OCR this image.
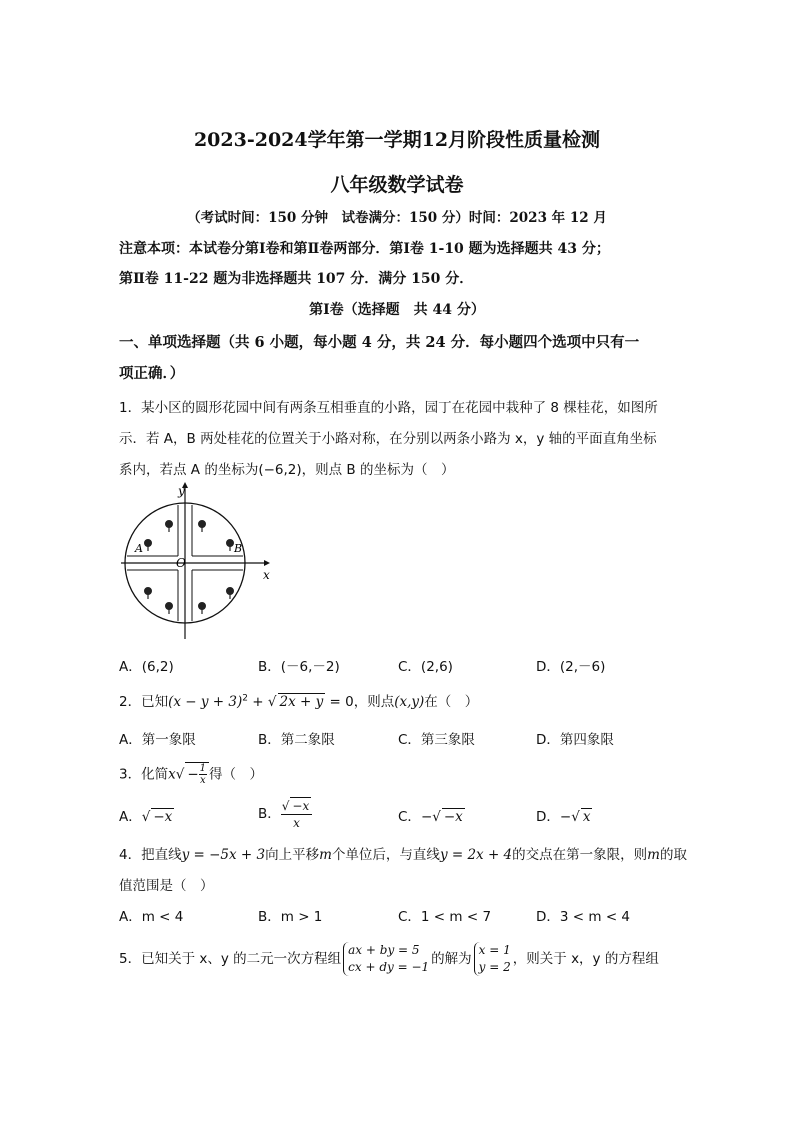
2023-2024学年第一学期12月阶段性质量检测
八年级数学试卷
（考试时间：150 分钟　试卷满分：150 分）时间：2023 年 12 月
注意本项：本试卷分第Ⅰ卷和第Ⅱ卷两部分．第Ⅰ卷 1-10 题为选择题共 43 分；
第Ⅱ卷 11-22 题为非选择题共 107 分．满分 150 分．
第Ⅰ卷（选择题　共 44 分）
一、单项选择题（共 6 小题，每小题 4 分，共 24 分．每小题四个选项中只有一
项正确．）
1．某小区的圆形花园中间有两条互相垂直的小路，园丁在花园中栽种了 8 棵桂花，如图所
示．若 A，B 两处桂花的位置关于小路对称，在分别以两条小路为 x，y 轴的平面直角坐标
系内，若点 A 的坐标为(−6,2)，则点 B 的坐标为（　）
y
x
O
A	B
A．(6,2)	B．(－6,－2)	C．(2,6)	D．(2,－6)
2．已知$(x - y + 3)^2$ + √ 2x + y = 0，则点(x,y)在（　）
A．第一象限	B．第二象限	C．第三象限	D．第四象限
3．化简$x√ - \frac{1}{x}$ 得（　）
A．√ −x	B． $\frac{√ -x}{x}$	C．−√ −x	D．−√ x
4．把直线y = −5x + 3向上平移m个单位后，与直线y = 2x + 4的交点在第一象限，则m的取
值范围是（　）
A．m < 4	B．m > 1	C．1 < m < 7	D．3 < m < 4
5．已知关于 x、y 的二元一次方程组
ax + by = 5
cx + dy = −1 的解为
x = 1
y = 2 ，则关于 x，y 的方程组
